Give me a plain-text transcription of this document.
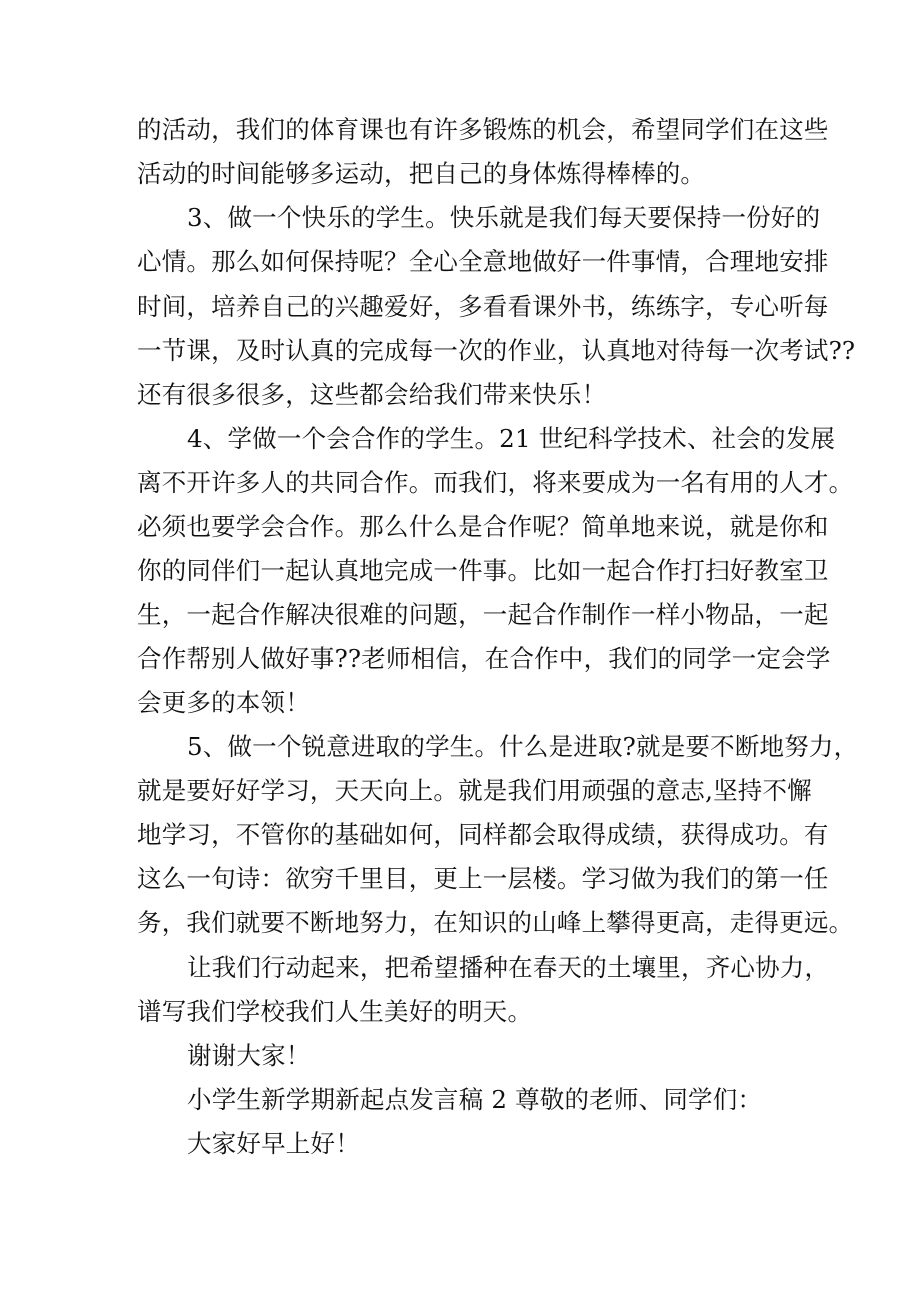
的活动，我们的体育课也有许多锻炼的机会，希望同学们在这些
活动的时间能够多运动，把自己的身体炼得棒棒的。
3、做一个快乐的学生。快乐就是我们每天要保持一份好的
心情。那么如何保持呢？全心全意地做好一件事情，合理地安排
时间，培养自己的兴趣爱好，多看看课外书，练练字，专心听每
一节课，及时认真的完成每一次的作业，认真地对待每一次考试??
还有很多很多，这些都会给我们带来快乐！
4、学做一个会合作的学生。21 世纪科学技术、社会的发展
离不开许多人的共同合作。而我们，将来要成为一名有用的人才。
必须也要学会合作。那么什么是合作呢？简单地来说，就是你和
你的同伴们一起认真地完成一件事。比如一起合作打扫好教室卫
生，一起合作解决很难的问题，一起合作制作一样小物品，一起
合作帮别人做好事??老师相信，在合作中，我们的同学一定会学
会更多的本领！
5、做一个锐意进取的学生。什么是进取?就是要不断地努力，
就是要好好学习，天天向上。就是我们用顽强的意志,坚持不懈
地学习，不管你的基础如何，同样都会取得成绩，获得成功。有
这么一句诗：欲穷千里目，更上一层楼。学习做为我们的第一任
务，我们就要不断地努力，在知识的山峰上攀得更高，走得更远。
让我们行动起来，把希望播种在春天的土壤里，齐心协力，
谱写我们学校我们人生美好的明天。
谢谢大家！
小学生新学期新起点发言稿 2 尊敬的老师、同学们：
大家好早上好！
